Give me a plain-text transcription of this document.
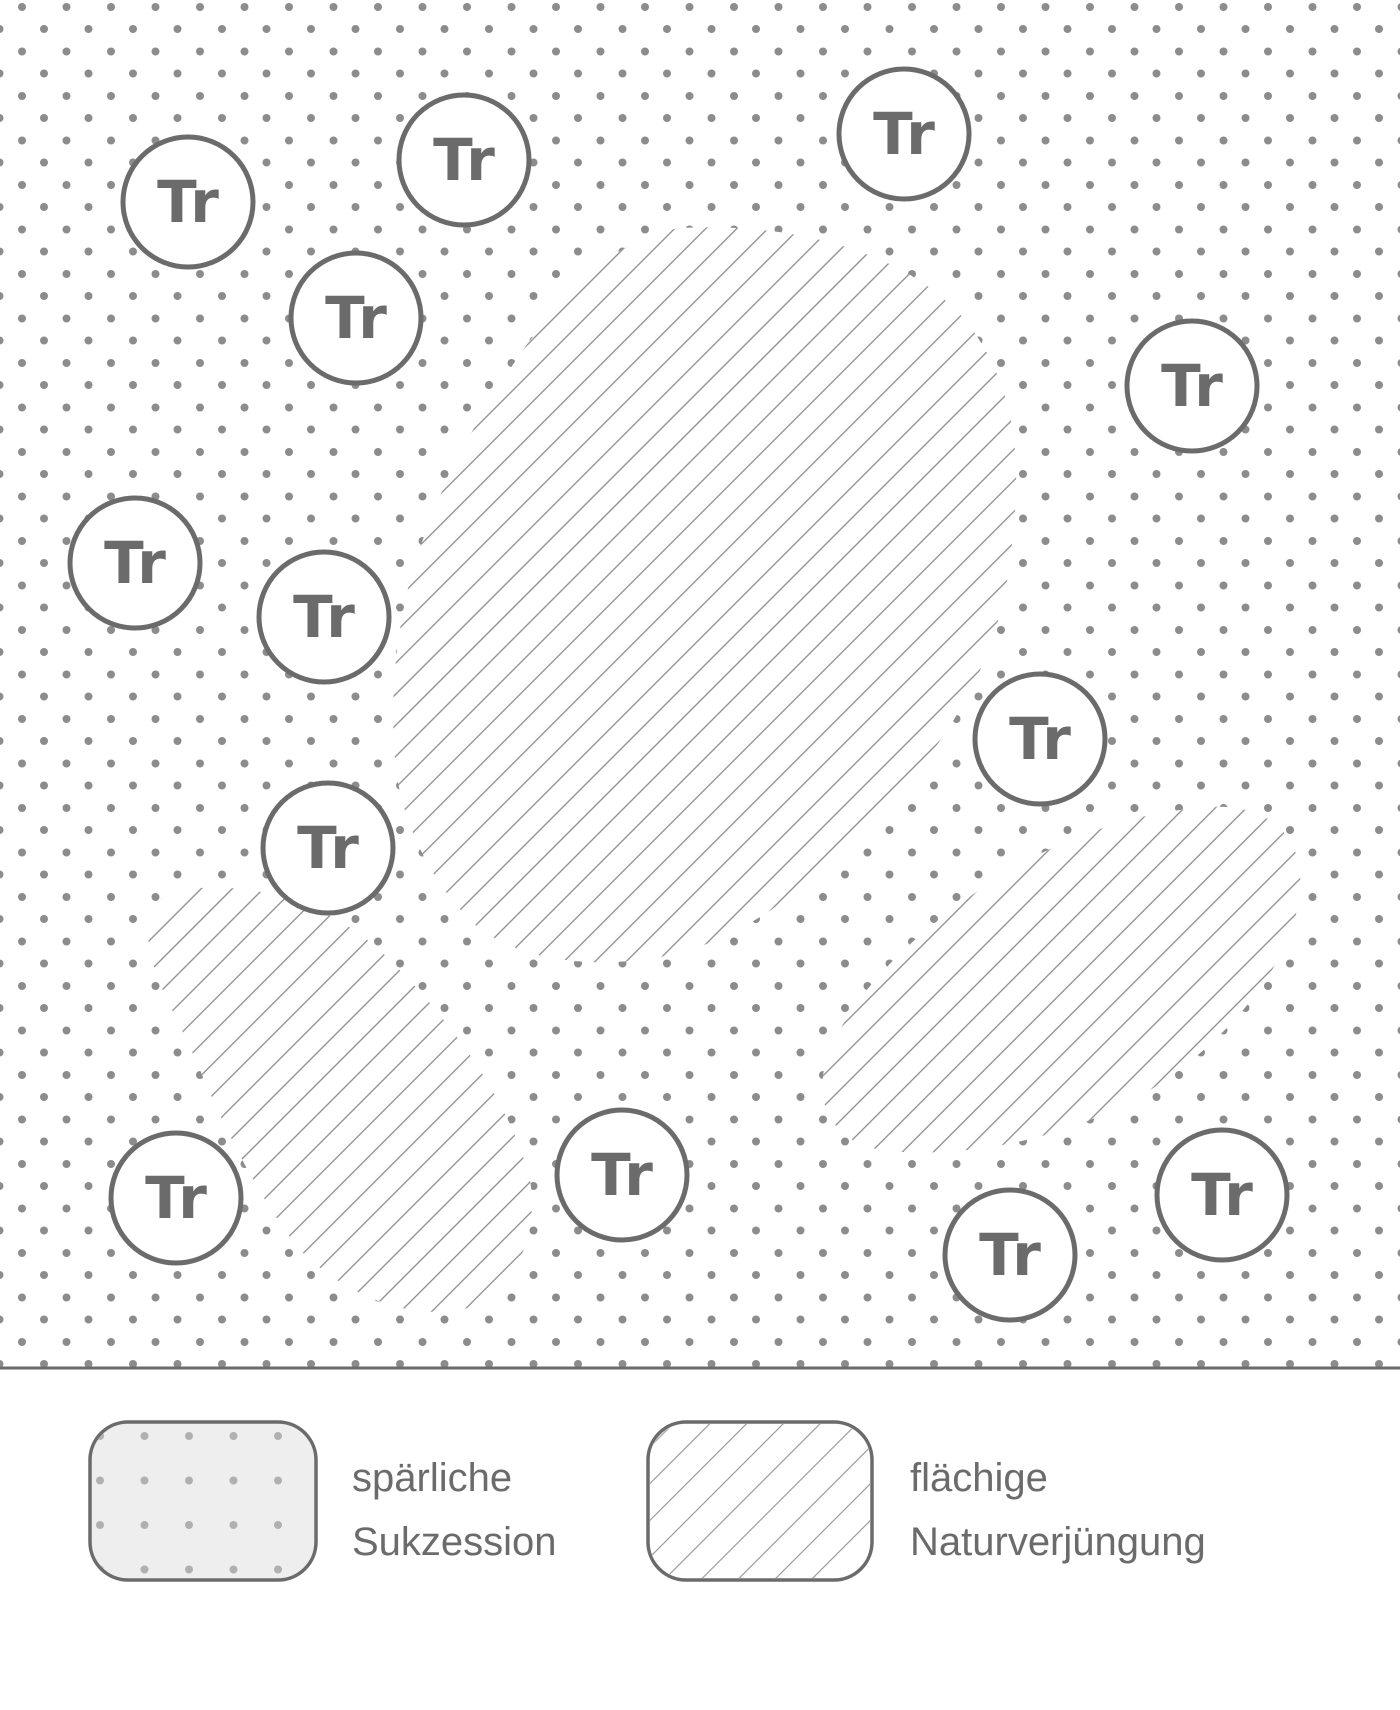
Tr
Tr	Tr
Tr
Tr
Tr
Tr
Tr
Tr
Tr	Tr	Tr
Tr
spärliche
Sukzession
flächige
Naturverjüngung
